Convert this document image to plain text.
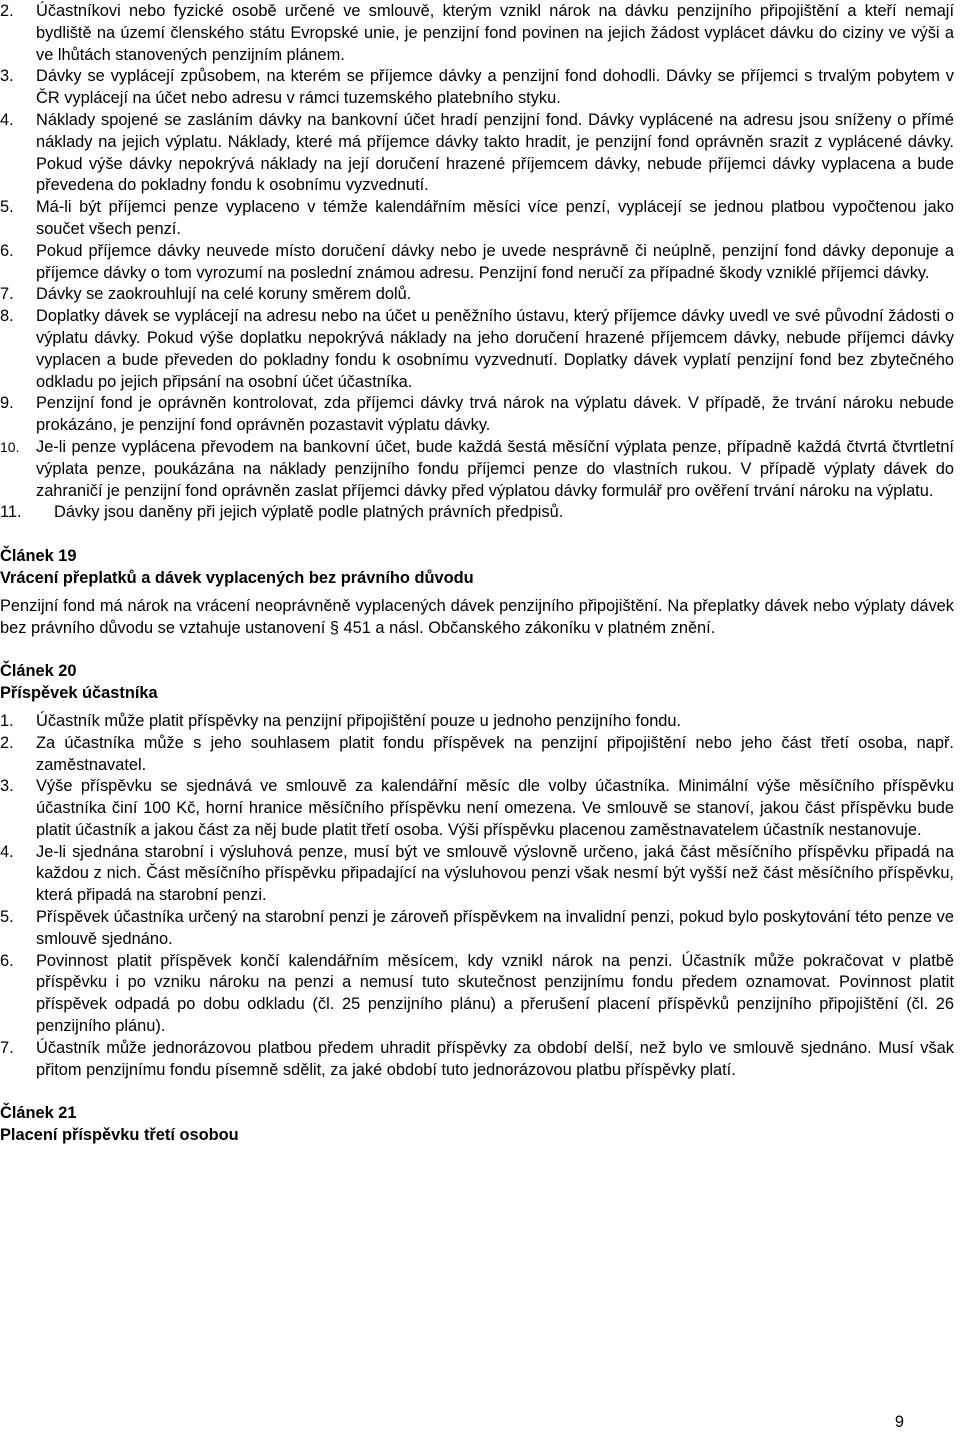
2.	Účastníkovi nebo fyzické osobě určené ve smlouvě, kterým vznikl nárok na dávku penzijního připojištění a kteří nemají bydliště na území členského státu Evropské unie, je penzijní fond povinen na jejich žádost vyplácet dávku do ciziny ve výši a ve lhůtách stanovených penzijním plánem.
3.	Dávky se vyplácejí způsobem, na kterém se příjemce dávky a penzijní fond dohodli. Dávky se příjemci s trvalým pobytem v ČR vyplácejí na účet nebo adresu v rámci tuzemského platebního styku.
4.	Náklady spojené se zasláním dávky na bankovní účet hradí penzijní fond. Dávky vyplácené na adresu jsou sníženy o přímé náklady na jejich výplatu. Náklady, které má příjemce dávky takto hradit, je penzijní fond oprávněn srazit z vyplácené dávky. Pokud výše dávky nepokrývá náklady na její doručení hrazené příjemcem dávky, nebude příjemci dávky vyplacena a bude převedena do pokladny fondu k osobnímu vyzvednutí.
5.	Má-li být příjemci penze vyplaceno v témže kalendářním měsíci více penzí, vyplácejí se jednou platbou vypočtenou jako součet všech penzí.
6.	Pokud příjemce dávky neuvede místo doručení dávky nebo je uvede nesprávně či neúplně, penzijní fond dávky deponuje a příjemce dávky o tom vyrozumí na poslední známou adresu. Penzijní fond neručí za případné škody vzniklé příjemci dávky.
7.	Dávky se zaokrouhlují na celé koruny směrem dolů.
8.	Doplatky dávek se vyplácejí na adresu nebo na účet u peněžního ústavu, který příjemce dávky uvedl ve své původní žádosti o výplatu dávky. Pokud výše doplatku nepokrývá náklady na jeho doručení hrazené příjemcem dávky, nebude příjemci dávky vyplacen a bude převeden do pokladny fondu k osobnímu vyzvednutí. Doplatky dávek vyplatí penzijní fond bez zbytečného odkladu po jejich připsání na osobní účet účastníka.
9.	Penzijní fond je oprávněn kontrolovat, zda příjemci dávky trvá nárok na výplatu dávek. V případě, že trvání nároku nebude prokázáno, je penzijní fond oprávněn pozastavit výplatu dávky.
10.	Je-li penze vyplácena převodem na bankovní účet, bude každá šestá měsíční výplata penze, případně každá čtvrtá čtvrtletní výplata penze, poukázána na náklady penzijního fondu příjemci penze do vlastních rukou. V případě výplaty dávek do zahraničí je penzijní fond oprávněn zaslat příjemci dávky před výplatou dávky formulář pro ověření trvání nároku na výplatu.
11.	Dávky jsou daněny při jejich výplatě podle platných právních předpisů.
Článek 19
Vrácení přeplatků a dávek vyplacených bez právního důvodu
Penzijní fond má nárok na vrácení neoprávněně vyplacených dávek penzijního připojištění. Na přeplatky dávek nebo výplaty dávek bez právního důvodu se vztahuje ustanovení § 451 a násl. Občanského zákoníku v platném znění.
Článek 20
Příspěvek účastníka
1.	Účastník může platit příspěvky na penzijní připojištění pouze u jednoho penzijního fondu.
2.	Za účastníka může s jeho souhlasem platit fondu příspěvek na penzijní připojištění nebo jeho část třetí osoba, např. zaměstnavatel.
3.	Výše příspěvku se sjednává ve smlouvě za kalendářní měsíc dle volby účastníka. Minimální výše měsíčního příspěvku účastníka činí 100 Kč, horní hranice měsíčního příspěvku není omezena. Ve smlouvě se stanoví, jakou část příspěvku bude platit účastník a jakou část za něj bude platit třetí osoba. Výši příspěvku placenou zaměstnavatelem účastník nestanovuje.
4.	Je-li sjednána starobní i výsluhová penze, musí být ve smlouvě výslovně určeno, jaká část měsíčního příspěvku připadá na každou z nich. Část měsíčního příspěvku připadající na výsluhovou penzi však nesmí být vyšší než část měsíčního příspěvku, která připadá na starobní penzi.
5.	Příspěvek účastníka určený na starobní penzi je zároveň příspěvkem na invalidní penzi, pokud bylo poskytování této penze ve smlouvě sjednáno.
6.	Povinnost platit příspěvek končí kalendářním měsícem, kdy vznikl nárok na penzi. Účastník může pokračovat v platbě příspěvku i po vzniku nároku na penzi a nemusí tuto skutečnost penzijnímu fondu předem oznamovat. Povinnost platit příspěvek odpadá po dobu odkladu (čl. 25 penzijního plánu) a přerušení placení příspěvků penzijního připojištění (čl. 26 penzijního plánu).
7.	Účastník může jednorázovou platbou předem uhradit příspěvky za období delší, než bylo ve smlouvě sjednáno. Musí však přitom penzijnímu fondu písemně sdělit, za jaké období tuto jednorázovou platbu příspěvky platí.
Článek 21
Placení příspěvku třetí osobou
9
